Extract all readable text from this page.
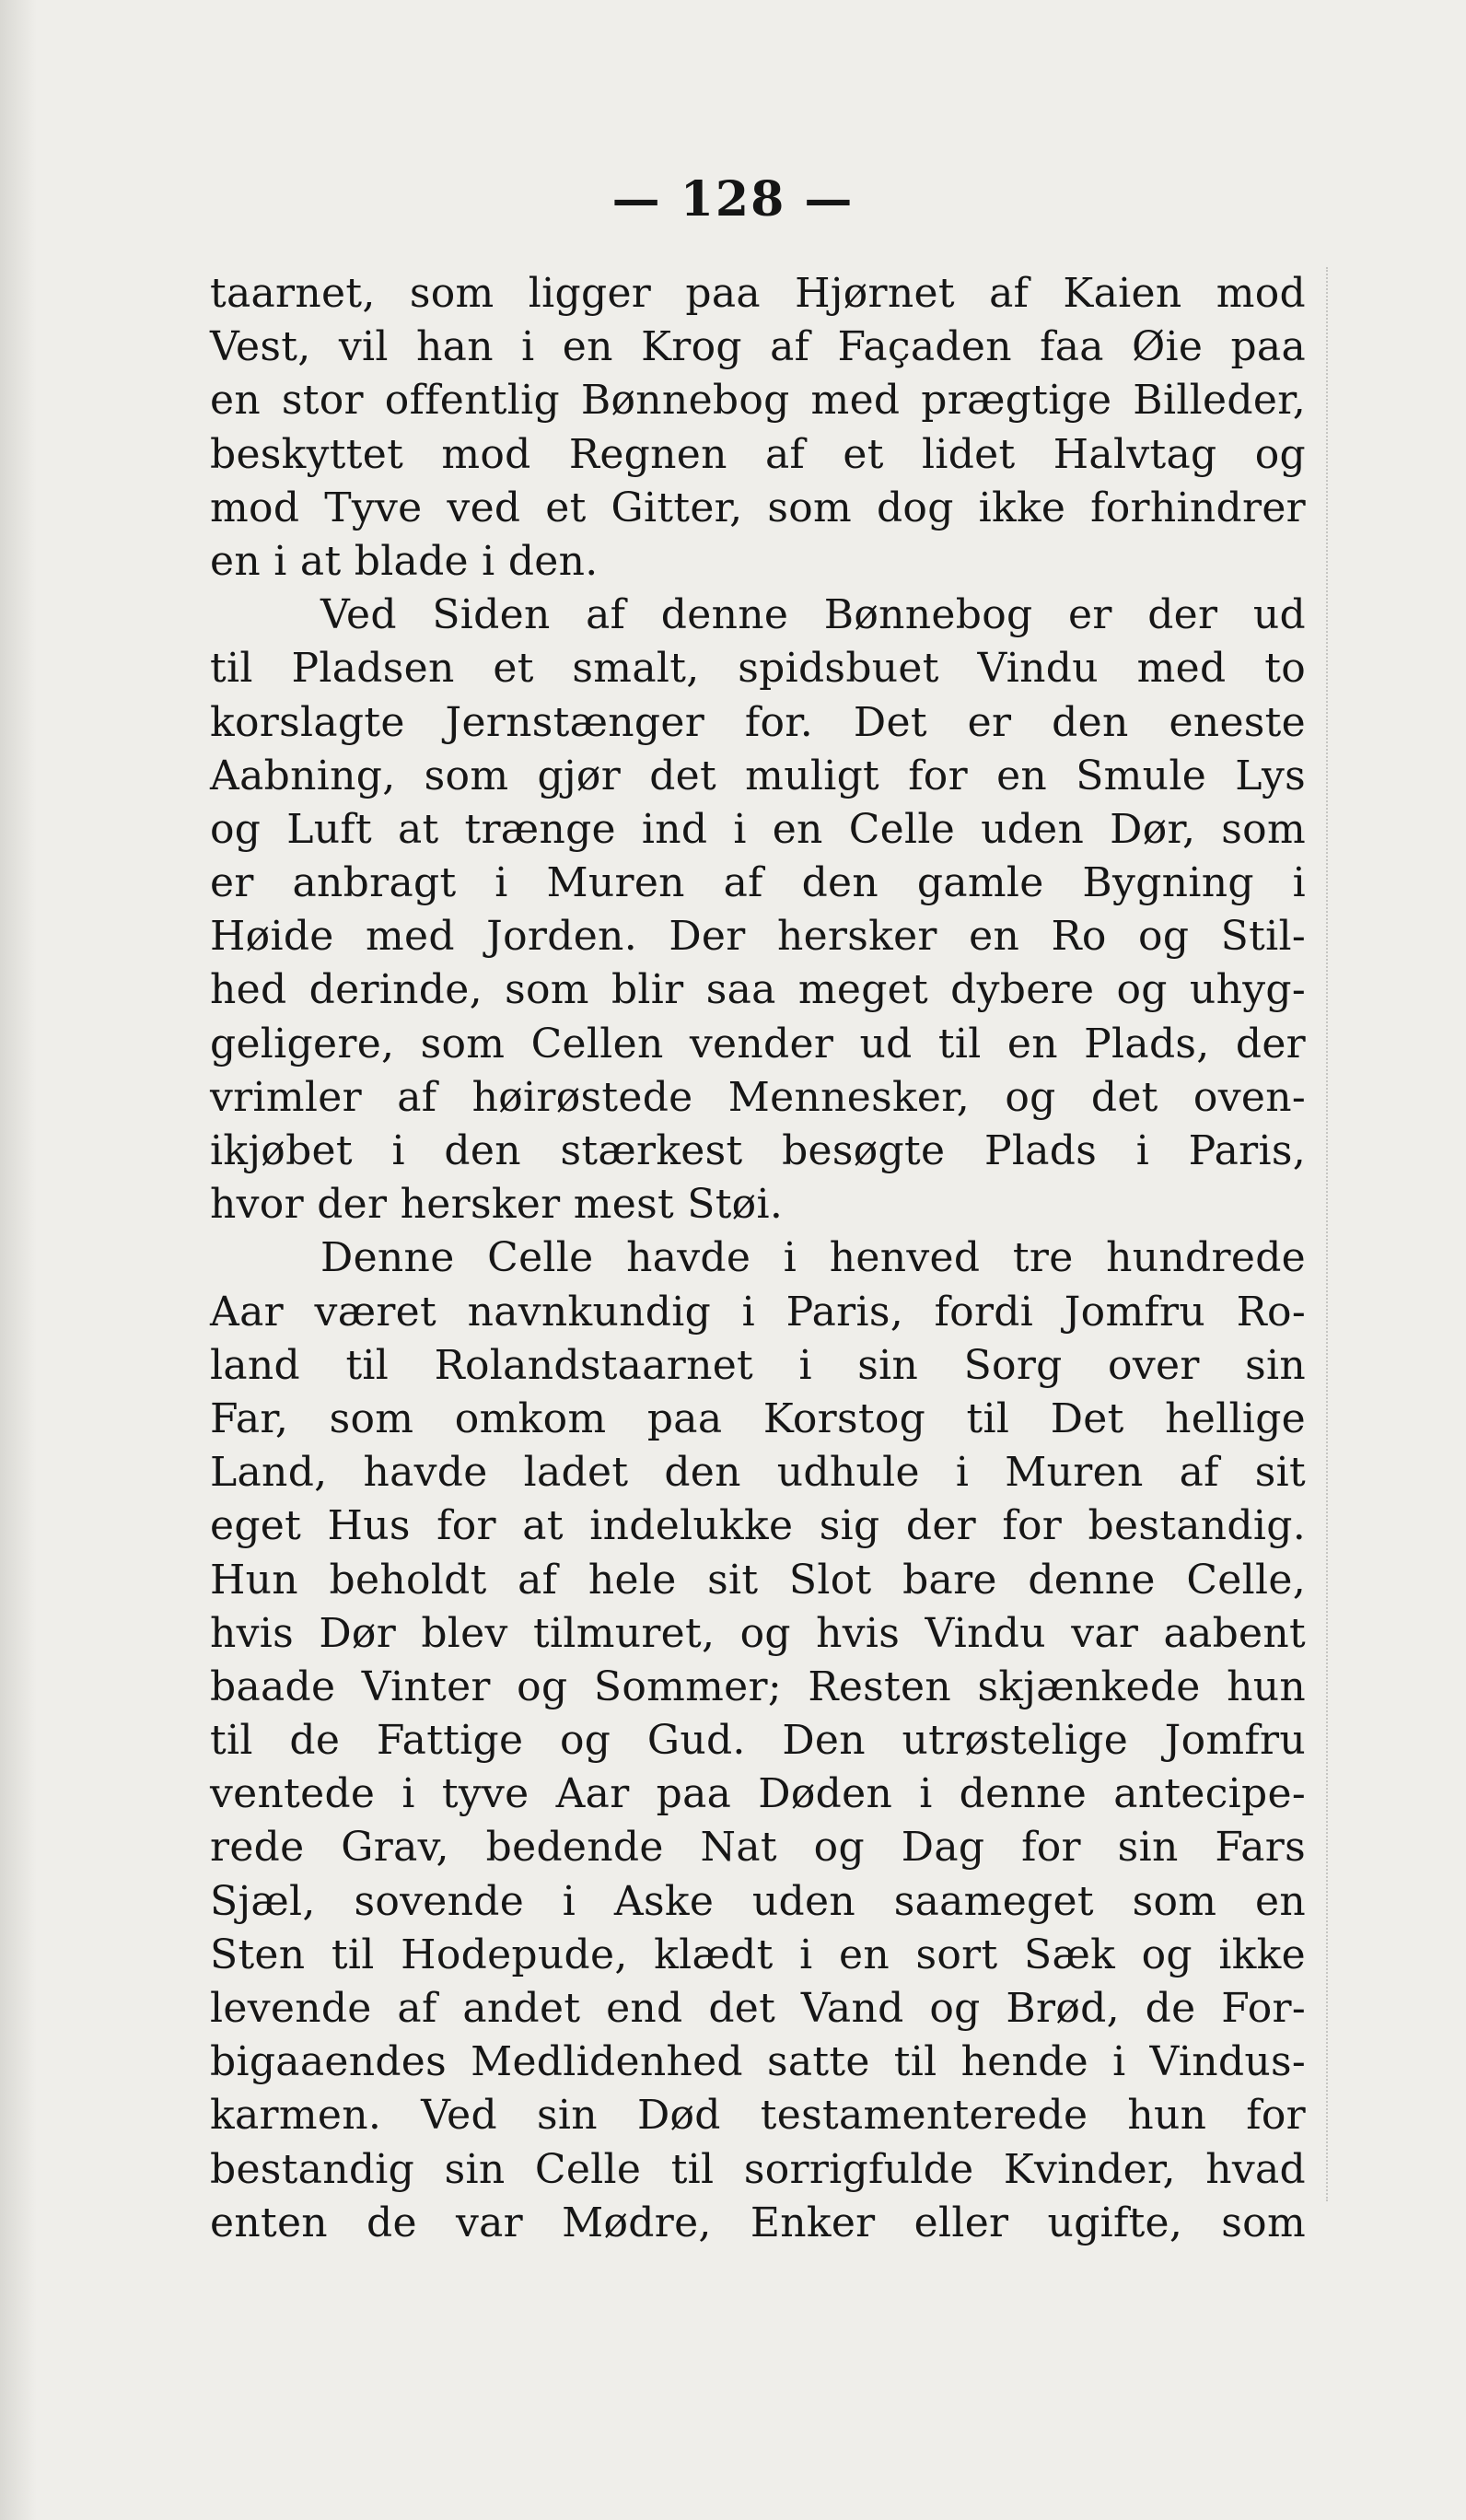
— 128 —
taarnet, som ligger paa Hjørnet af Kaien mod
Vest, vil han i en Krog af Façaden faa Øie paa
en stor offentlig Bønnebog med prægtige Billeder,
beskyttet mod Regnen af et lidet Halvtag og
mod Tyve ved et Gitter, som dog ikke forhindrer
en i at blade i den.
Ved Siden af denne Bønnebog er der ud
til Pladsen et smalt, spidsbuet Vindu med to
korslagte Jernstænger for. Det er den eneste
Aabning, som gjør det muligt for en Smule Lys
og Luft at trænge ind i en Celle uden Dør, som
er anbragt i Muren af den gamle Bygning i
Høide med Jorden. Der hersker en Ro og Stil-
hed derinde, som blir saa meget dybere og uhyg-
geligere, som Cellen vender ud til en Plads, der
vrimler af høirøstede Mennesker, og det oven-
ikjøbet i den stærkest besøgte Plads i Paris,
hvor der hersker mest Støi.
Denne Celle havde i henved tre hundrede
Aar været navnkundig i Paris, fordi Jomfru Ro-
land til Rolandstaarnet i sin Sorg over sin
Far, som omkom paa Korstog til Det hellige
Land, havde ladet den udhule i Muren af sit
eget Hus for at indelukke sig der for bestandig.
Hun beholdt af hele sit Slot bare denne Celle,
hvis Dør blev tilmuret, og hvis Vindu var aabent
baade Vinter og Sommer; Resten skjænkede hun
til de Fattige og Gud. Den utrøstelige Jomfru
ventede i tyve Aar paa Døden i denne antecipe-
rede Grav, bedende Nat og Dag for sin Fars
Sjæl, sovende i Aske uden saameget som en
Sten til Hodepude, klædt i en sort Sæk og ikke
levende af andet end det Vand og Brød, de For-
bigaaendes Medlidenhed satte til hende i Vindus-
karmen. Ved sin Død testamenterede hun for
bestandig sin Celle til sorrigfulde Kvinder, hvad
enten de var Mødre, Enker eller ugifte, som
